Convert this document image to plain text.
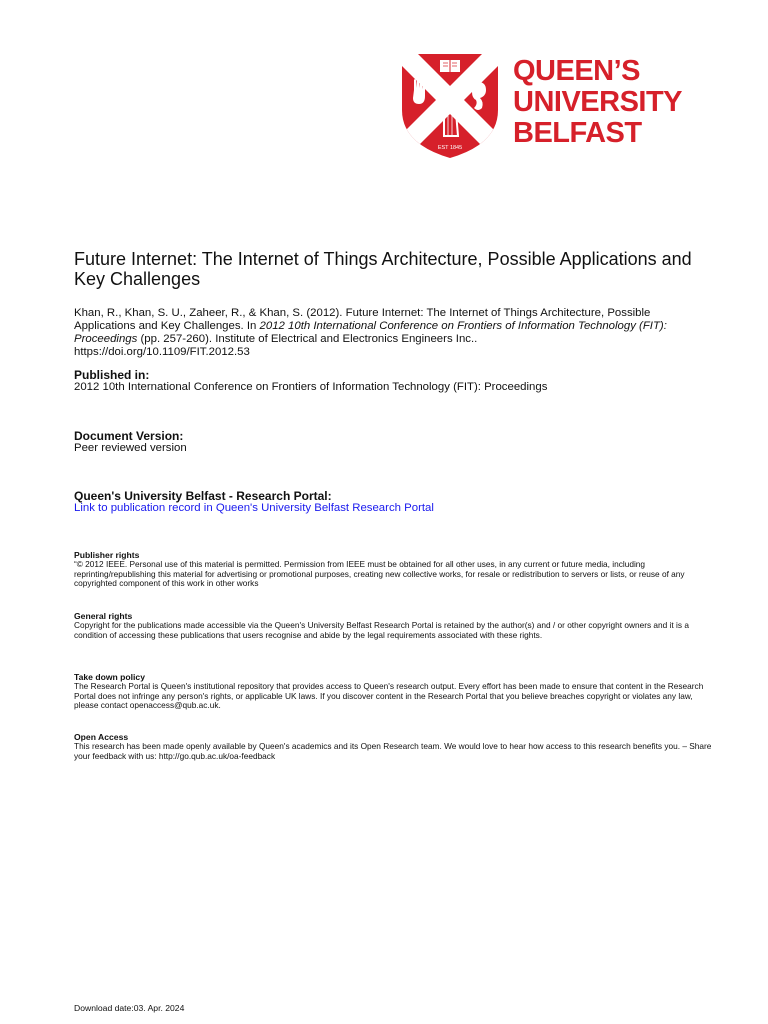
EST 1845
QUEEN’S
UNIVERSITY
BELFAST
Future Internet: The Internet of Things Architecture, Possible Applications and Key Challenges

Khan, R., Khan, S. U., Zaheer, R., & Khan, S. (2012). Future Internet: The Internet of Things Architecture, Possible Applications and Key Challenges. In 2012 10th International Conference on Frontiers of Information Technology (FIT): Proceedings (pp. 257-260). Institute of Electrical and Electronics Engineers Inc..
https://doi.org/10.1109/FIT.2012.53

Published in:
2012 10th International Conference on Frontiers of Information Technology (FIT): Proceedings
Document Version:
Peer reviewed version
Queen's University Belfast - Research Portal:
Link to publication record in Queen's University Belfast Research Portal
Publisher rights
“© 2012 IEEE. Personal use of this material is permitted. Permission from IEEE must be obtained for all other uses, in any current or future media, including reprinting/republishing this material for advertising or promotional purposes, creating new collective works, for resale or redistribution to servers or lists, or reuse of any copyrighted component of this work in other works
General rights
Copyright for the publications made accessible via the Queen's University Belfast Research Portal is retained by the author(s) and / or other copyright owners and it is a condition of accessing these publications that users recognise and abide by the legal requirements associated with these rights.
Take down policy
The Research Portal is Queen's institutional repository that provides access to Queen's research output. Every effort has been made to ensure that content in the Research Portal does not infringe any person's rights, or applicable UK laws. If you discover content in the Research Portal that you believe breaches copyright or violates any law, please contact openaccess@qub.ac.uk.
Open Access
This research has been made openly available by Queen's academics and its Open Research team. We would love to hear how access to this research benefits you. – Share your feedback with us: http://go.qub.ac.uk/oa-feedback
Download date:03. Apr. 2024
